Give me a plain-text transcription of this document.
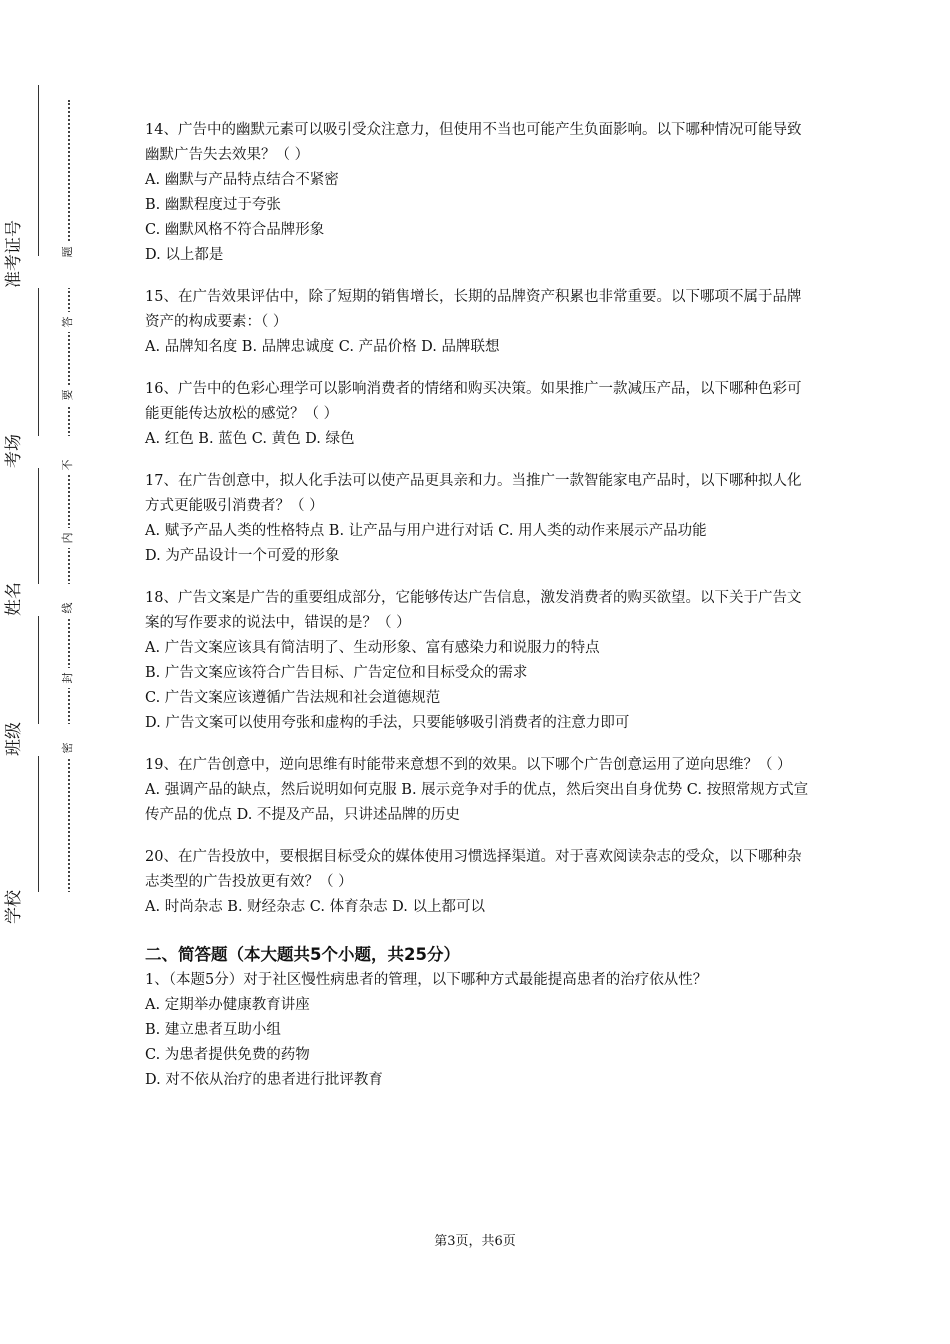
准考证号
考场
姓名
班级
学校
题
答
要
不
内
线
封
密

14、广告中的幽默元素可以吸引受众注意力，但使用不当也可能产生负面影响。以下哪种情况可能导致幽默广告失去效果？（ ）

A. 幽默与产品特点结合不紧密
B. 幽默程度过于夸张
C. 幽默风格不符合品牌形象
D. 以上都是

15、在广告效果评估中，除了短期的销售增长，长期的品牌资产积累也非常重要。以下哪项不属于品牌资产的构成要素：（ ）

A. 品牌知名度 B. 品牌忠诚度 C. 产品价格 D. 品牌联想

16、广告中的色彩心理学可以影响消费者的情绪和购买决策。如果推广一款减压产品，以下哪种色彩可能更能传达放松的感觉？（ ）

A. 红色 B. 蓝色 C. 黄色 D. 绿色

17、在广告创意中，拟人化手法可以使产品更具亲和力。当推广一款智能家电产品时，以下哪种拟人化方式更能吸引消费者？（ ）

A. 赋予产品人类的性格特点 B. 让产品与用户进行对话 C. 用人类的动作来展示产品功能
D. 为产品设计一个可爱的形象

18、广告文案是广告的重要组成部分，它能够传达广告信息，激发消费者的购买欲望。以下关于广告文案的写作要求的说法中，错误的是？（ ）

A. 广告文案应该具有简洁明了、生动形象、富有感染力和说服力的特点
B. 广告文案应该符合广告目标、广告定位和目标受众的需求
C. 广告文案应该遵循广告法规和社会道德规范
D. 广告文案可以使用夸张和虚构的手法，只要能够吸引消费者的注意力即可

19、在广告创意中，逆向思维有时能带来意想不到的效果。以下哪个广告创意运用了逆向思维？（ ）

A. 强调产品的缺点，然后说明如何克服 B. 展示竞争对手的优点，然后突出自身优势 C. 按照常规方式宣传产品的优点 D. 不提及产品，只讲述品牌的历史

20、在广告投放中，要根据目标受众的媒体使用习惯选择渠道。对于喜欢阅读杂志的受众，以下哪种杂志类型的广告投放更有效？（ ）

A. 时尚杂志 B. 财经杂志 C. 体育杂志 D. 以上都可以
二、简答题（本大题共5个小题，共25分）

1、（本题5分）对于社区慢性病患者的管理，以下哪种方式最能提高患者的治疗依从性？

A. 定期举办健康教育讲座
B. 建立患者互助小组
C. 为患者提供免费的药物
D. 对不依从治疗的患者进行批评教育
第3页，共6页
